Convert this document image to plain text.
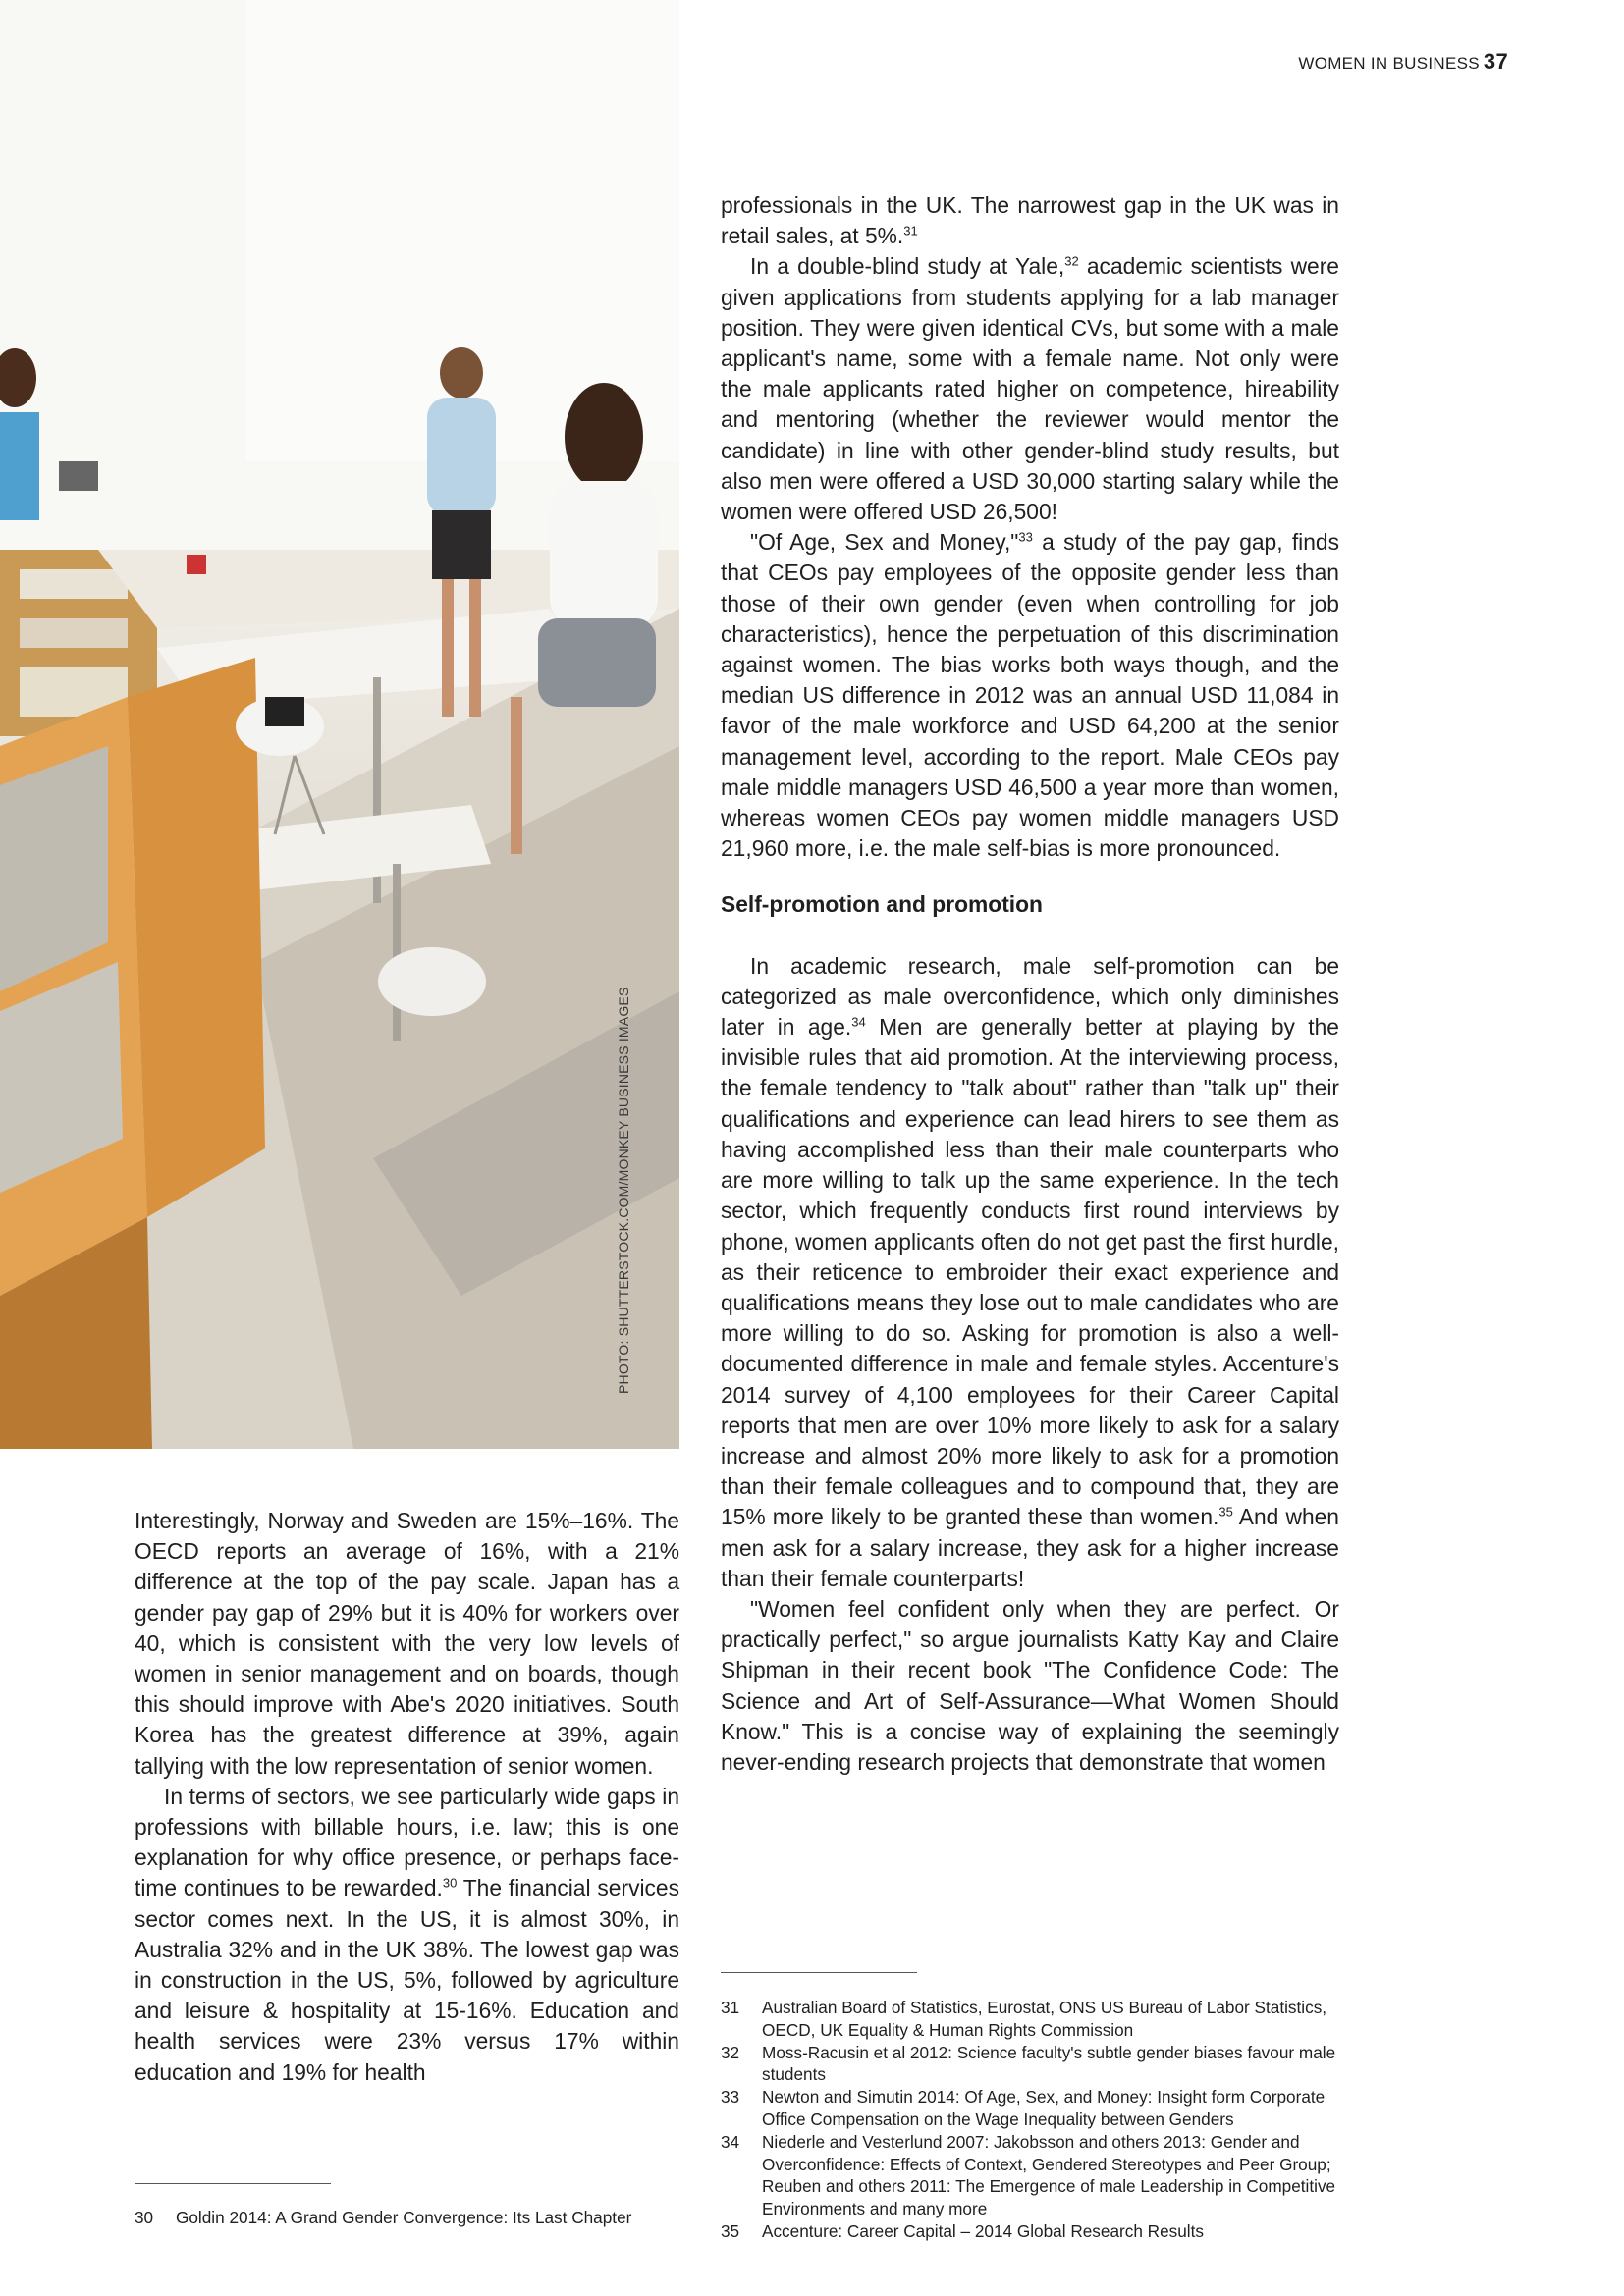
WOMEN IN BUSINESS 37
PHOTO: SHUTTERSTOCK.COM/MONKEY BUSINESS IMAGES

Interestingly, Norway and Sweden are 15%–16%. The OECD reports an average of 16%, with a 21% difference at the top of the pay scale. Japan has a gender pay gap of 29% but it is 40% for workers over 40, which is consistent with the very low levels of women in senior management and on boards, though this should improve with Abe's 2020 initiatives. South Korea has the greatest difference at 39%, again tallying with the low representation of senior women.

In terms of sectors, we see particularly wide gaps in professions with billable hours, i.e. law; this is one explanation for why office presence, or perhaps face-time continues to be rewarded.$^{30}$ The financial services sector comes next. In the US, it is almost 30%, in Australia 32% and in the UK 38%. The lowest gap was in construction in the US, 5%, followed by agriculture and leisure & hospitality at 15-16%. Education and health services were 23% versus 17% within education and 19% for health

professionals in the UK. The narrowest gap in the UK was in retail sales, at 5%.$^{31}$

In a double-blind study at Yale,$^{32}$ academic scientists were given applications from students applying for a lab manager position. They were given identical CVs, but some with a male applicant's name, some with a female name. Not only were the male applicants rated higher on competence, hireability and mentoring (whether the reviewer would mentor the candidate) in line with other gender-blind study results, but also men were offered a USD 30,000 starting salary while the women were offered USD 26,500!

"Of Age, Sex and Money,"$^{33}$ a study of the pay gap, finds that CEOs pay employees of the opposite gender less than those of their own gender (even when controlling for job characteristics), hence the perpetuation of this discrimination against women. The bias works both ways though, and the median US difference in 2012 was an annual USD 11,084 in favor of the male workforce and USD 64,200 at the senior management level, according to the report. Male CEOs pay male middle managers USD 46,500 a year more than women, whereas women CEOs pay women middle managers USD 21,960 more, i.e. the male self-bias is more pronounced.

Self-promotion and promotion

In academic research, male self-promotion can be categorized as male overconfidence, which only diminishes later in age.$^{34}$ Men are generally better at playing by the invisible rules that aid promotion. At the interviewing process, the female tendency to "talk about" rather than "talk up" their qualifications and experience can lead hirers to see them as having accomplished less than their male counterparts who are more willing to talk up the same experience. In the tech sector, which frequently conducts first round interviews by phone, women applicants often do not get past the first hurdle, as their reticence to embroider their exact experience and qualifications means they lose out to male candidates who are more willing to do so. Asking for promotion is also a well-documented difference in male and female styles. Accenture's 2014 survey of 4,100 employees for their Career Capital reports that men are over 10% more likely to ask for a salary increase and almost 20% more likely to ask for a promotion than their female colleagues and to compound that, they are 15% more likely to be granted these than women.$^{35}$ And when men ask for a salary increase, they ask for a higher increase than their female counterparts!

"Women feel confident only when they are perfect. Or practically perfect," so argue journalists Katty Kay and Claire Shipman in their recent book "The Confidence Code: The Science and Art of Self-Assurance—What Women Should Know." This is a concise way of explaining the seemingly never-ending research projects that demonstrate that women

30	Goldin 2014: A Grand Gender Convergence: Its Last Chapter
31	Australian Board of Statistics, Eurostat, ONS US Bureau of Labor Statistics, OECD, UK Equality & Human Rights Commission
32	Moss-Racusin et al 2012: Science faculty's subtle gender biases favour male students
33	Newton and Simutin 2014: Of Age, Sex, and Money: Insight form Corporate Office Compensation on the Wage Inequality between Genders
34	Niederle and Vesterlund 2007: Jakobsson and others 2013: Gender and Overconfidence: Effects of Context, Gendered Stereotypes and Peer Group; Reuben and others 2011: The Emergence of male Leadership in Competitive Environments and many more
35	Accenture: Career Capital – 2014 Global Research Results
